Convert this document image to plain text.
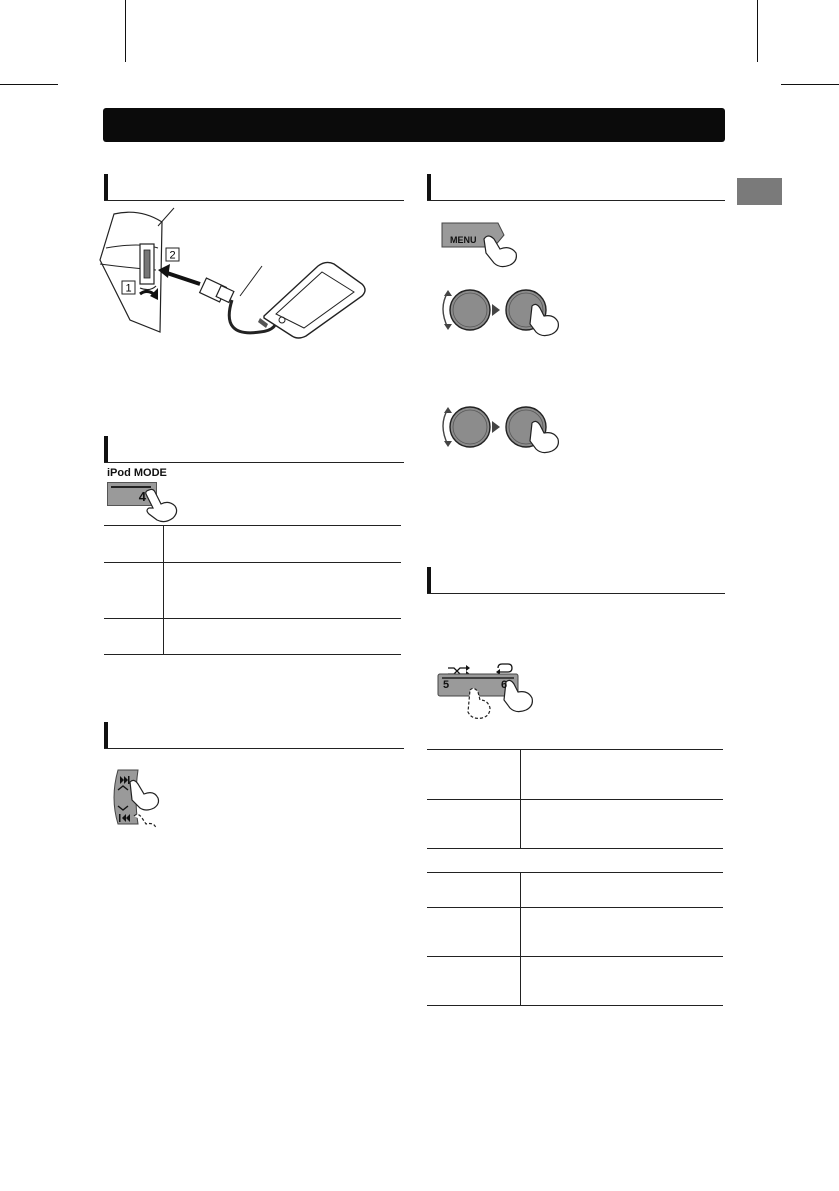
2
1
iPod MODE
4

MENU
5	6
